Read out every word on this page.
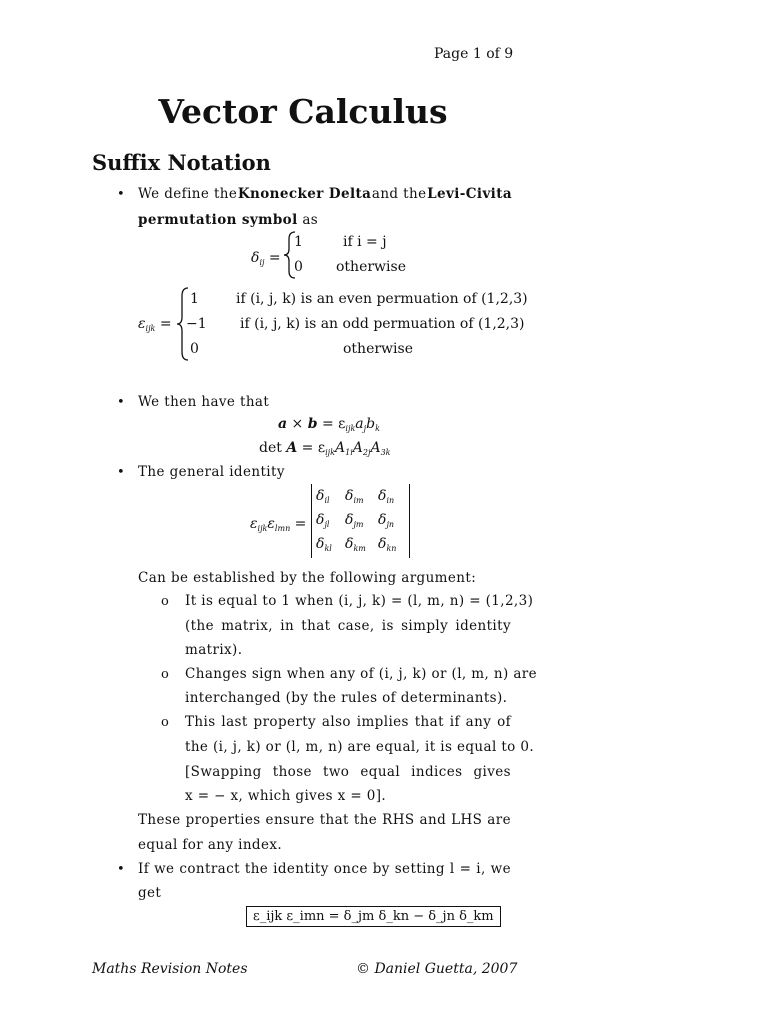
Page 1 of 9
Vector Calculus
Suffix Notation
• We define the Knonecker Delta and the Levi-Civita
permutation symbol as
$\delta_{ij}$ =
1	if i = j
0 otherwise
$\varepsilon_{ijk}$ =
1	if (i, j, k) is an even permuation of (1,2,3)
−1 if (i, j, k) is an odd permuation of (1,2,3)
0	otherwise
• We then have that
$a \times b = \varepsilon_{ijk}a_jb_k$
$\det A = \varepsilon_{ijk}A_{1i}A_{2j}A_{3k}$
• The general identity
$\varepsilon_{ijk}\varepsilon_{lmn}$ =
$\delta_{il}$ $\delta_{im}$ $\delta_{in}$
$\delta_{jl}$ $\delta_{jm}$ $\delta_{jn}$
$\delta_{kl}$ $\delta_{km}$ $\delta_{kn}$
Can be established by the following argument:
o It is equal to 1 when (i, j, k) = (l, m, n) = (1,2,3)
(the matrix, in that case, is simply identity
matrix).
o Changes sign when any of (i, j, k) or (l, m, n) are
interchanged (by the rules of determinants).
o This last property also implies that if any of
the (i, j, k) or (l, m, n) are equal, it is equal to 0.
[Swapping those two equal indices gives
x = − x, which gives x = 0].
These properties ensure that the RHS and LHS are
equal for any index.
• If we contract the identity once by setting l = i, we
get
ε_ijk ε_imn = δ_jm δ_kn − δ_jn δ_km
Maths Revision Notes	© Daniel Guetta, 2007
